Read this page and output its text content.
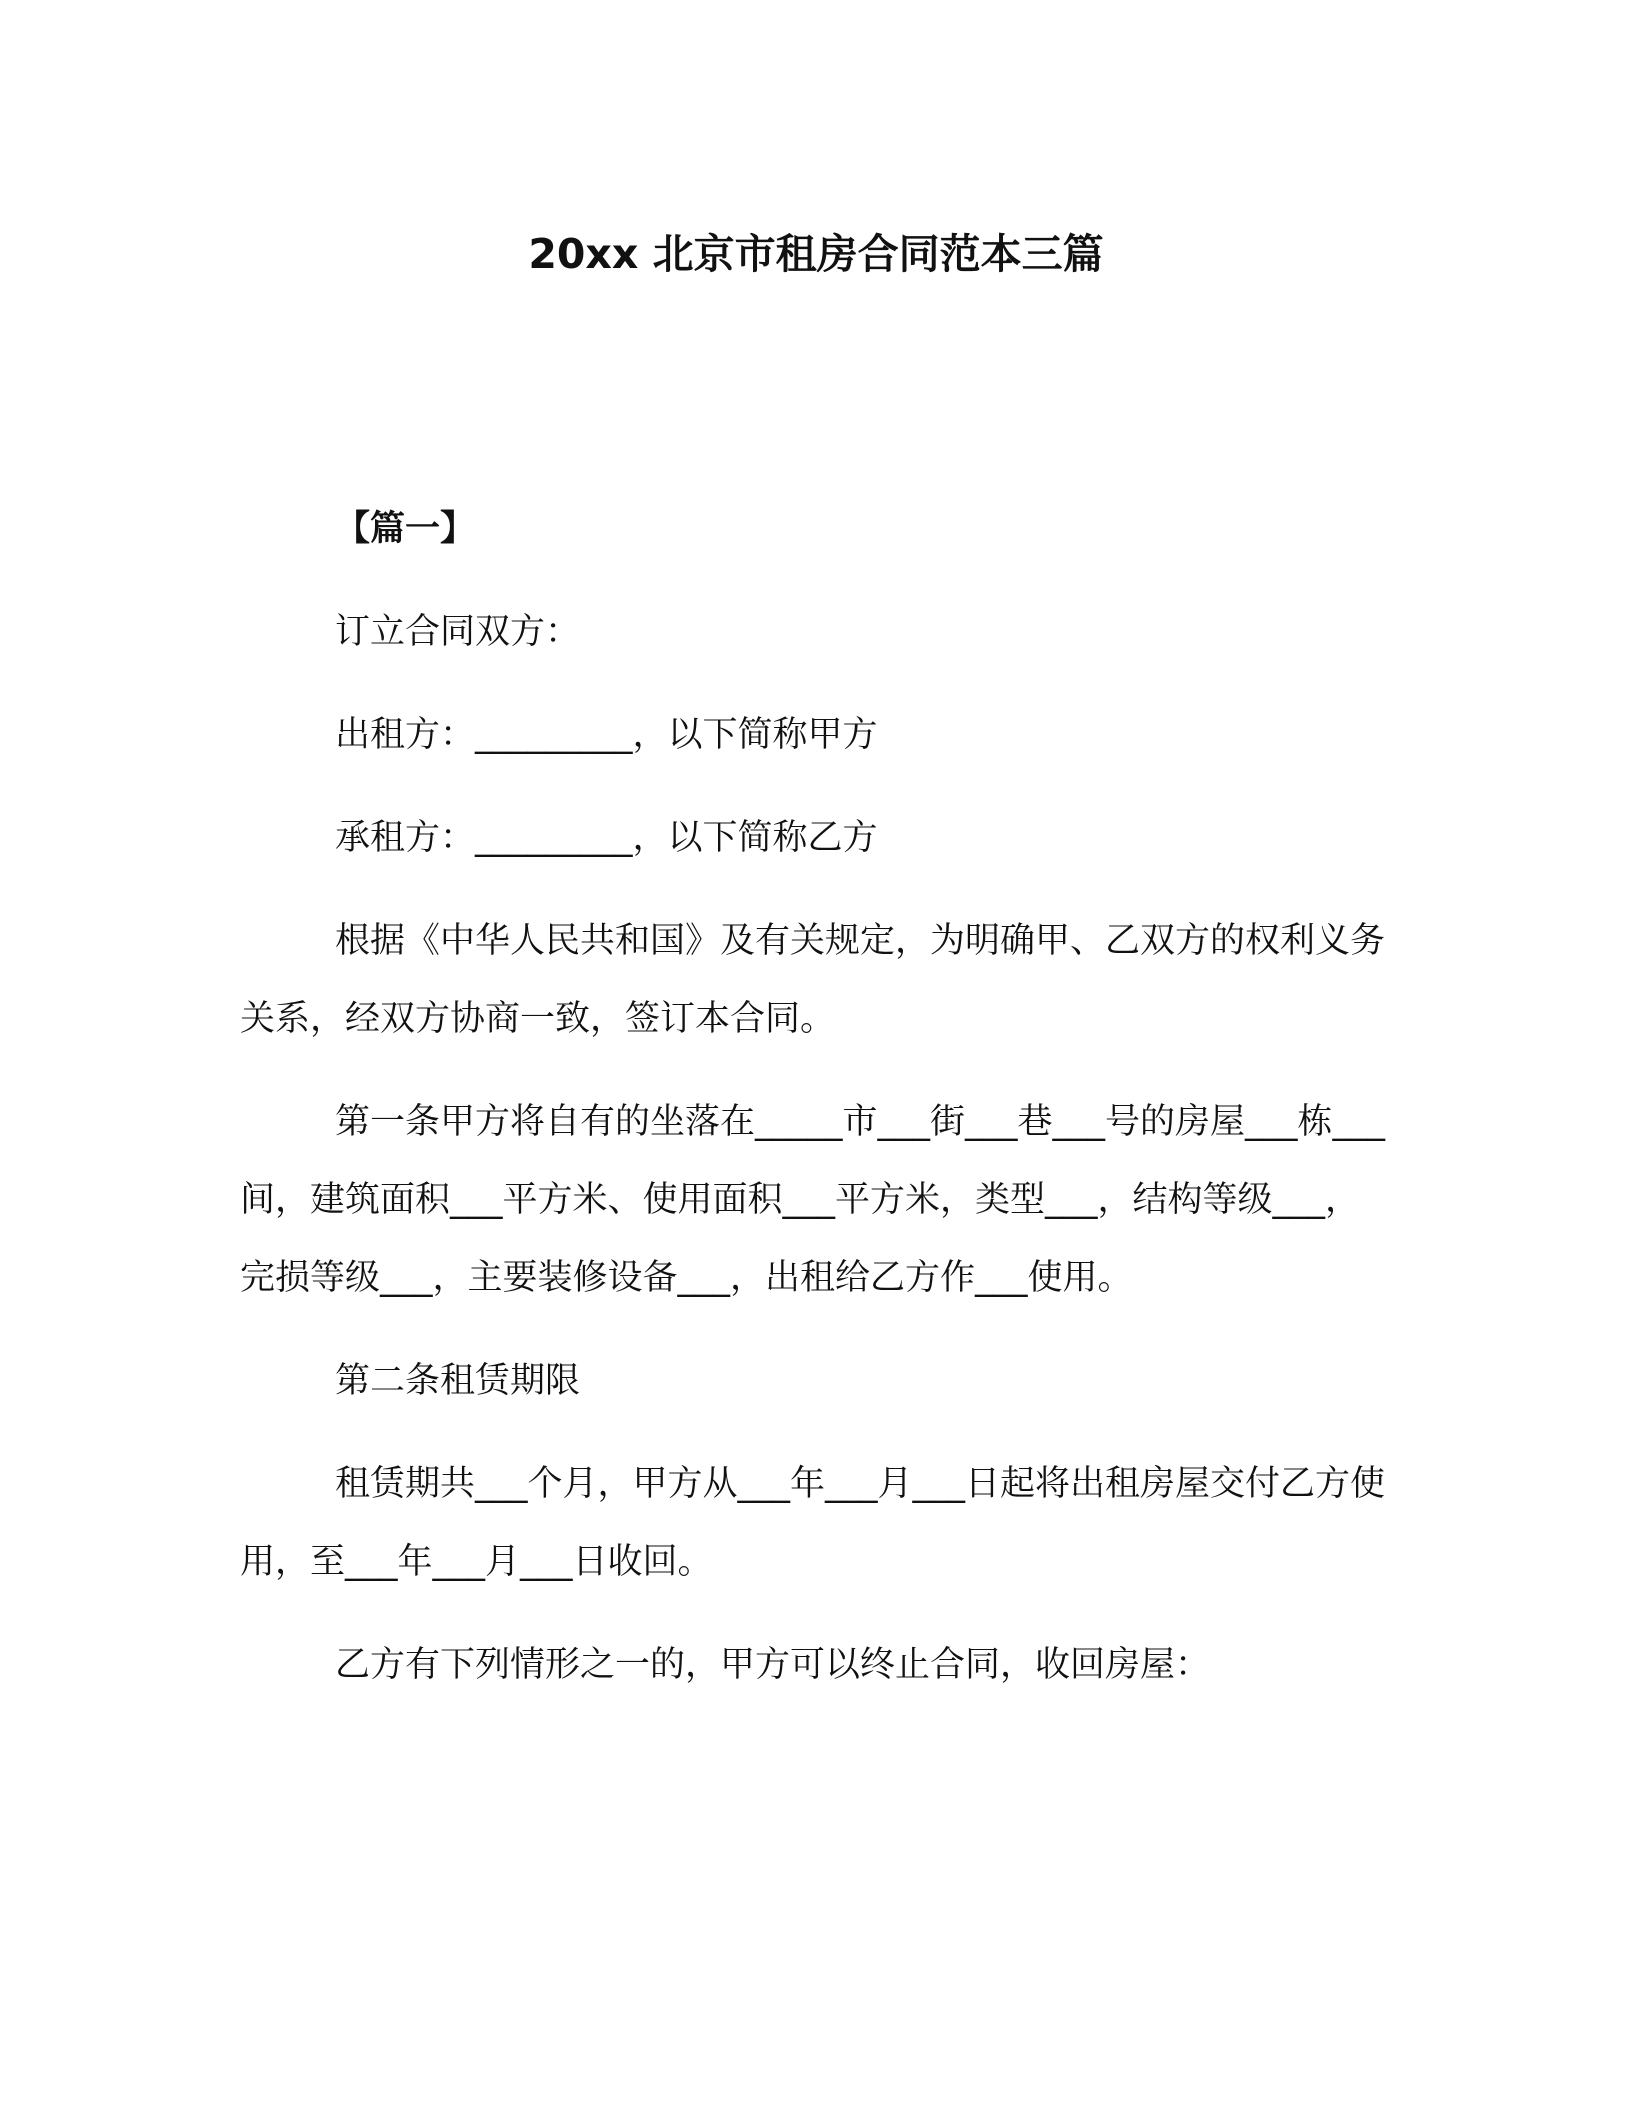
20xx 北京市租房合同范本三篇

【篇一】

订立合同双方：

出租方：_________，以下简称甲方

承租方：_________，以下简称乙方

根据《中华人民共和国》及有关规定，为明确甲、乙双方的权利义务关系，经双方协商一致，签订本合同。

第一条甲方将自有的坐落在_____市___街___巷___号的房屋___栋___间，建筑面积___平方米、使用面积___平方米，类型___，结构等级___，完损等级___，主要装修设备___，出租给乙方作___使用。

第二条租赁期限

租赁期共___个月，甲方从___年___月___日起将出租房屋交付乙方使用，至___年___月___日收回。

乙方有下列情形之一的，甲方可以终止合同，收回房屋：
